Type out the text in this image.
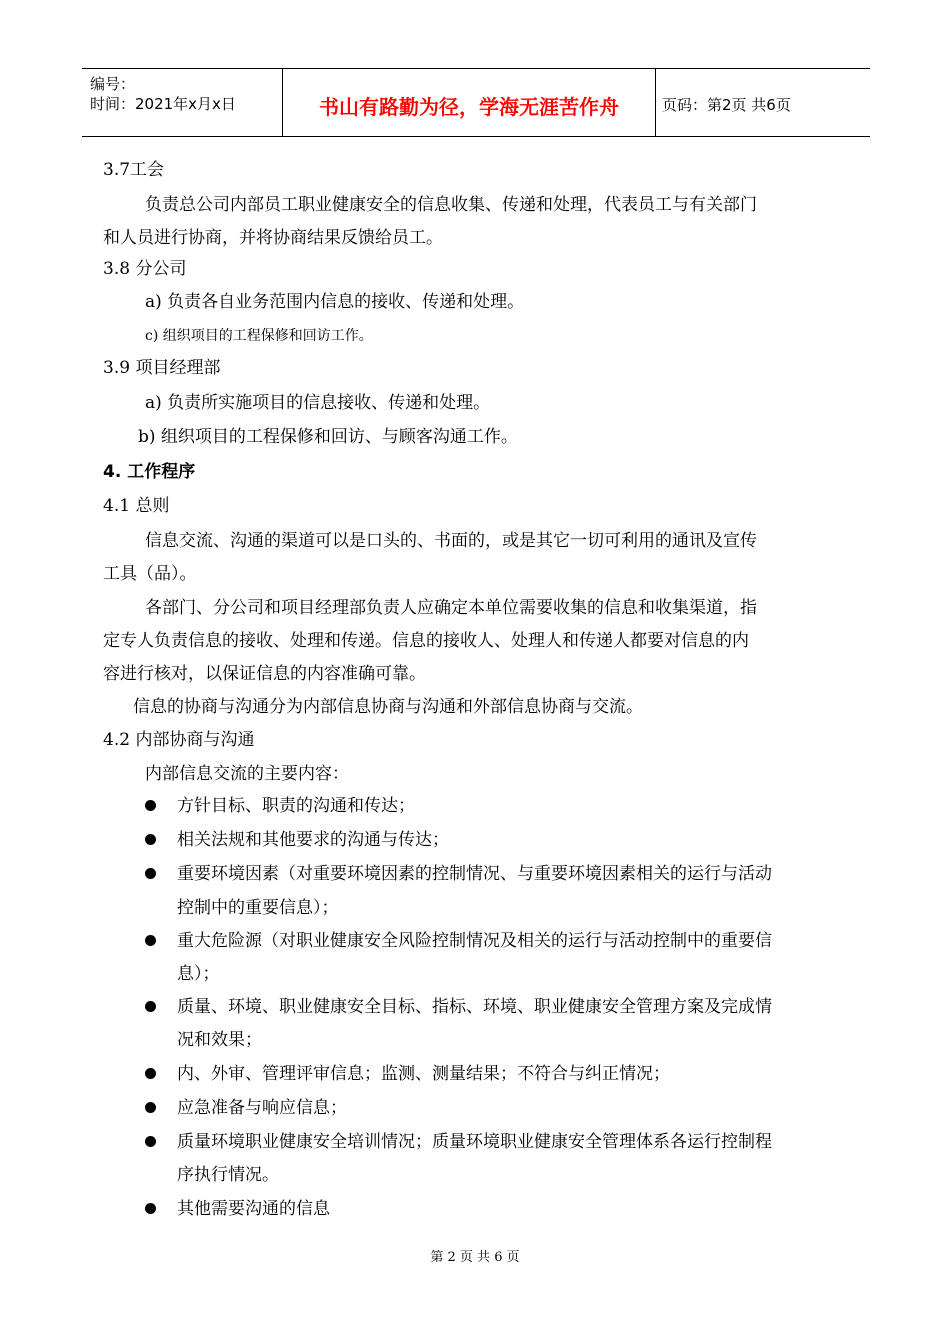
编号：
时间：2021年x月x日	书山有路勤为径，学海无涯苦作舟	页码：第2页 共6页
3.7工会
负责总公司内部员工职业健康安全的信息收集、传递和处理，代表员工与有关部门
和人员进行协商，并将协商结果反馈给员工。
3.8 分公司
a) 负责各自业务范围内信息的接收、传递和处理。
c) 组织项目的工程保修和回访工作。
3.9 项目经理部
a) 负责所实施项目的信息接收、传递和处理。
b) 组织项目的工程保修和回访、与顾客沟通工作。
4. 工作程序
4.1 总则
信息交流、沟通的渠道可以是口头的、书面的，或是其它一切可利用的通讯及宣传
工具（品）。
各部门、分公司和项目经理部负责人应确定本单位需要收集的信息和收集渠道，指
定专人负责信息的接收、处理和传递。信息的接收人、处理人和传递人都要对信息的内
容进行核对，以保证信息的内容准确可靠。
信息的协商与沟通分为内部信息协商与沟通和外部信息协商与交流。
4.2 内部协商与沟通
内部信息交流的主要内容：
方针目标、职责的沟通和传达；
相关法规和其他要求的沟通与传达；
重要环境因素（对重要环境因素的控制情况、与重要环境因素相关的运行与活动
控制中的重要信息）；
重大危险源（对职业健康安全风险控制情况及相关的运行与活动控制中的重要信
息）；
质量、环境、职业健康安全目标、指标、环境、职业健康安全管理方案及完成情
况和效果；
内、外审、管理评审信息；监测、测量结果；不符合与纠正情况；
应急准备与响应信息；
质量环境职业健康安全培训情况；质量环境职业健康安全管理体系各运行控制程
序执行情况。
其他需要沟通的信息
第 2 页 共 6 页
